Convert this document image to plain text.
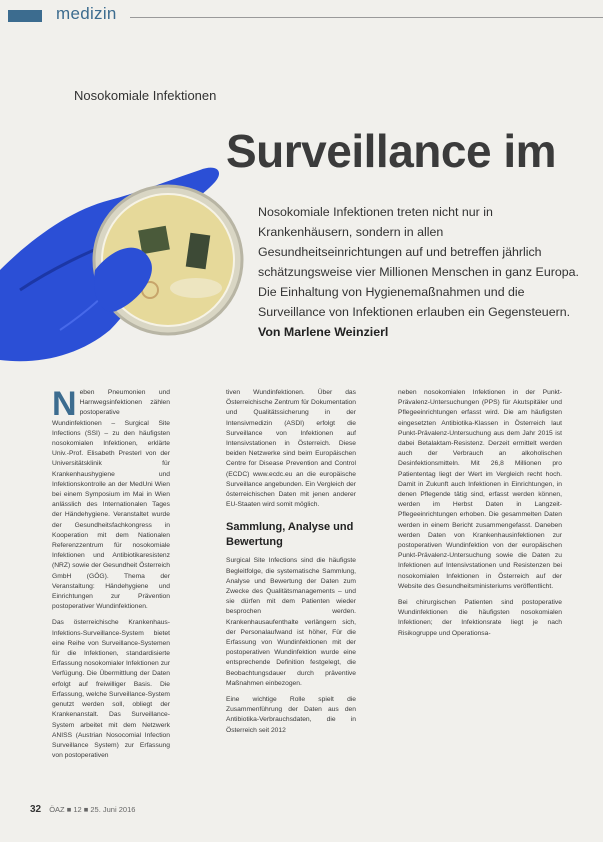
medizin
Nosokomiale Infektionen
Surveillance im
Nosokomiale Infektionen treten nicht nur in Krankenhäusern, sondern in allen Gesundheitseinrichtungen auf und betreffen jährlich schätzungsweise vier Millionen Menschen in ganz Europa. Die Einhaltung von Hygienemaßnahmen und die Surveillance von Infektionen erlauben ein Gegensteuern.
Von Marlene Weinzierl

Neben Pneumonien und Harnwegsinfektionen zählen postoperative Wundinfektionen – Surgical Site Infections (SSI) – zu den häufigsten nosokomialen Infektionen, erklärte Univ.-Prof. Elisabeth Presterl von der Universitätsklinik für Krankenhaushygiene und Infektionskontrolle an der MedUni Wien bei einem Symposium im Mai in Wien anlässlich des Internationalen Tages der Händehygiene. Veranstaltet wurde der Gesundheitsfachkongress in Kooperation mit dem Nationalen Referenzzentrum für nosokomiale Infektionen und Antibiotikaresistenz (NRZ) sowie der Gesundheit Österreich GmbH (GÖG). Thema der Veranstaltung: Händehygiene und Einrichtungen zur Prävention postoperativer Wundinfektionen.

Das österreichische Krankenhaus-Infektions-Surveillance-System bietet eine Reihe von Surveillance-Systemen für die Infektionen, standardisierte Erfassung nosokomialer Infektionen zur Verfügung. Die Übermittlung der Daten erfolgt auf freiwilliger Basis. Die Erfassung, welche Surveillance-System genutzt werden soll, obliegt der Krankenanstalt. Das Surveillance-System arbeitet mit dem Netzwerk ANISS (Austrian Nosocomial Infection Surveillance System) zur Erfassung von postoperativen

tiven Wundinfektionen. Über das Österreichische Zentrum für Dokumentation und Qualitätssicherung in der Intensivmedizin (ASDI) erfolgt die Surveillance von Infektionen auf Intensivstationen in Österreich. Diese beiden Netzwerke sind beim Europäischen Centre for Disease Prevention and Control (ECDC) www.ecdc.eu an die europäische Surveillance angebunden. Ein Vergleich der österreichischen Daten mit jenen anderer EU-Staaten wird somit möglich.

Sammlung, Analyse und Bewertung

Surgical Site Infections sind die häufigste Begleitfolge, die systematische Sammlung, Analyse und Bewertung der Daten zum Zwecke des Qualitätsmanagements – und sie dürfen mit dem Patienten wieder besprochen werden. Krankenhausaufenthalte verlängern sich, der Personalaufwand ist höher, Für die Erfassung von Wundinfektionen mit der postoperativen Wundinfektion wurde eine entsprechende Definition festgelegt, die Beobachtungsdauer durch präventive Maßnahmen einbezogen.

Eine wichtige Rolle spielt die Zusammenführung der Daten aus den Antibiotika-Verbrauchsdaten, die in Österreich seit 2012

neben nosokomialen Infektionen in der Punkt-Prävalenz-Untersuchungen (PPS) für Akutspitäler und Pflegeeinrichtungen erfasst wird. Die am häufigsten eingesetzten Antibiotika-Klassen in Österreich laut Punkt-Prävalenz-Untersuchung aus dem Jahr 2015 ist dabei Betalaktam-Resistenz. Derzeit ermittelt werden auch der Verbrauch an alkoholischen Desinfektionsmitteln. Mit 26,8 Millionen pro Patiententag liegt der Wert im Vergleich recht hoch. Damit in Zukunft auch Infektionen in Einrichtungen, in denen Pflegende tätig sind, erfasst werden können, werden im Herbst Daten in Langzeit-Pflegeeinrichtungen erhoben. Die gesammelten Daten werden in einem Bericht zusammengefasst. Daneben werden Daten von Krankenhausinfektionen zur postoperativen Wundinfektion von der europäischen Punkt-Prävalenz-Untersuchung sowie die Daten zu Infektionen auf Intensivstationen und Resistenzen bei nosokomialen Infektionen in Österreich auf der Website des Gesundheitsministeriums veröffentlicht.

Bei chirurgischen Patienten sind postoperative Wundinfektionen die häufigsten nosokomialen Infektionen; der Infektionsrate liegt je nach Risikogruppe und Operationsa-

32 ÖAZ ■ 12 ■ 25. Juni 2016
